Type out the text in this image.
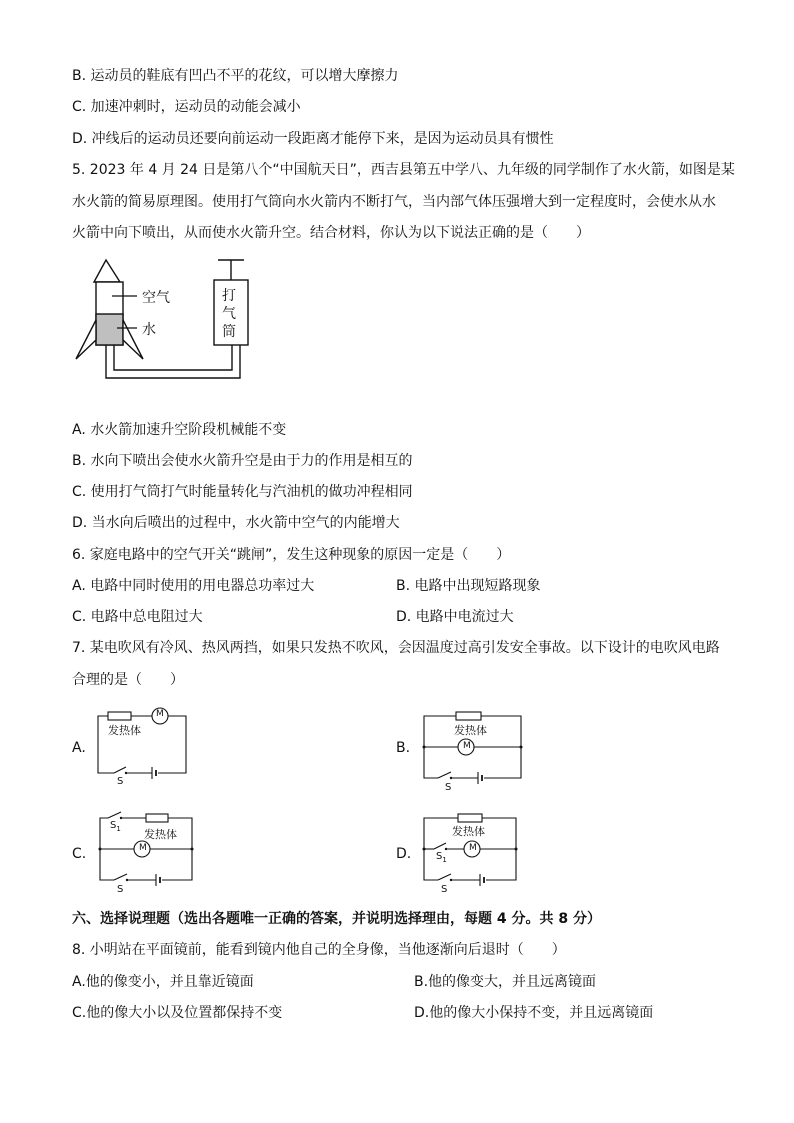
B. 运动员的鞋底有凹凸不平的花纹，可以增大摩擦力
C. 加速冲刺时，运动员的动能会减小
D. 冲线后的运动员还要向前运动一段距离才能停下来，是因为运动员具有惯性
5. 2023 年 4 月 24 日是第八个“中国航天日”，西吉县第五中学八、九年级的同学制作了水火箭，如图是某
水火箭的简易原理图。使用打气筒向水火箭内不断打气，当内部气体压强增大到一定程度时，会使水从水
火箭中向下喷出，从而使水火箭升空。结合材料，你认为以下说法正确的是（　　）
空气
水
打
气
筒
A. 水火箭加速升空阶段机械能不变
B. 水向下喷出会使水火箭升空是由于力的作用是相互的
C. 使用打气筒打气时能量转化与汽油机的做功冲程相同
D. 当水向后喷出的过程中，水火箭中空气的内能增大
6. 家庭电路中的空气开关“跳闸”，发生这种现象的原因一定是（　　）
A. 电路中同时使用的用电器总功率过大	B. 电路中出现短路现象
C. 电路中总电阻过大	D. 电路中电流过大
7. 某电吹风有冷风、热风两挡，如果只发热不吹风，会因温度过高引发安全事故。以下设计的电吹风电路
合理的是（　　）
A.
发热体
M
S
B.
发热体
M
S
C.
$S_1$ 发热体
M
S
D.
发热体
$S_1$
M
S
六、选择说理题（选出各题唯一正确的答案，并说明选择理由，每题 4 分。共 8 分）
8. 小明站在平面镜前，能看到镜内他自己的全身像，当他逐渐向后退时（　　）
A.他的像变小，并且靠近镜面	B.他的像变大，并且远离镜面
C.他的像大小以及位置都保持不变	D.他的像大小保持不变，并且远离镜面
